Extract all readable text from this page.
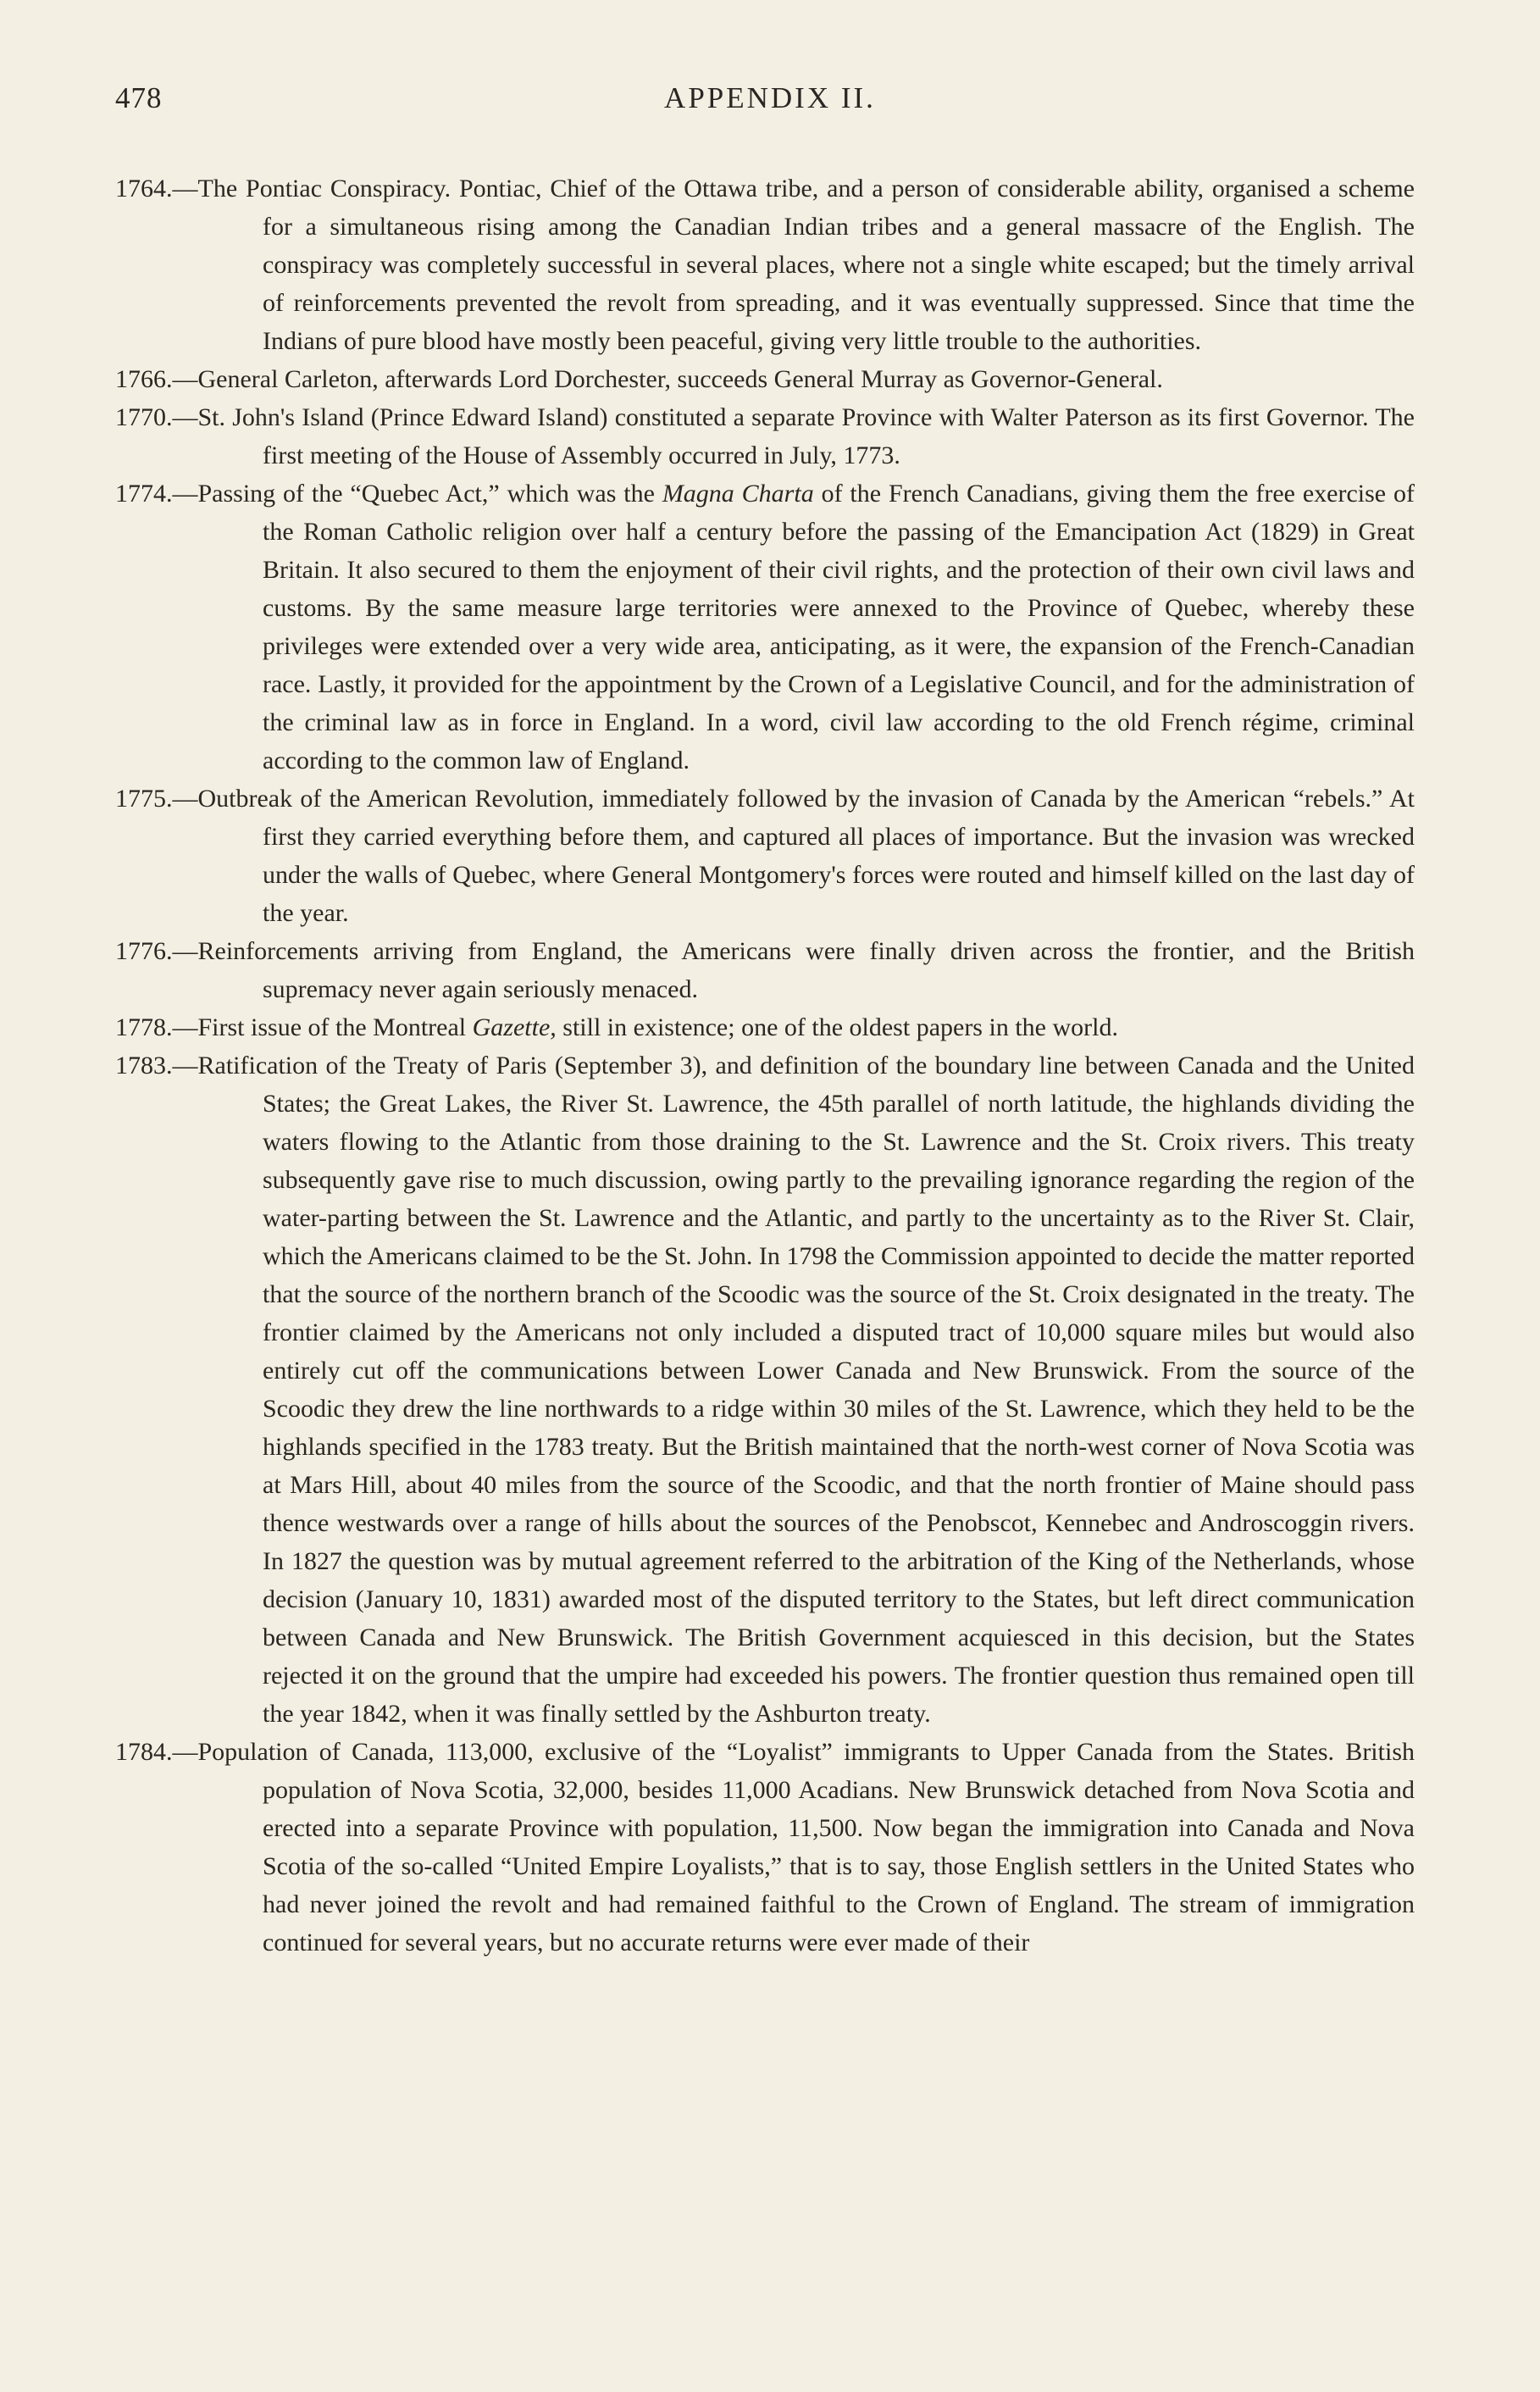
478	APPENDIX II.

1764.—The Pontiac Conspiracy. Pontiac, Chief of the Ottawa tribe, and a person of considerable ability, organised a scheme for a simultaneous rising among the Canadian Indian tribes and a general massacre of the English. The conspiracy was completely successful in several places, where not a single white escaped; but the timely arrival of reinforcements prevented the revolt from spreading, and it was eventually suppressed. Since that time the Indians of pure blood have mostly been peaceful, giving very little trouble to the authorities.

1766.—General Carleton, afterwards Lord Dorchester, succeeds General Murray as Governor-General.

1770.—St. John's Island (Prince Edward Island) constituted a separate Province with Walter Paterson as its first Governor. The first meeting of the House of Assembly occurred in July, 1773.

1774.—Passing of the “Quebec Act,” which was the Magna Charta of the French Canadians, giving them the free exercise of the Roman Catholic religion over half a century before the passing of the Emancipation Act (1829) in Great Britain. It also secured to them the enjoyment of their civil rights, and the protection of their own civil laws and customs. By the same measure large territories were annexed to the Province of Quebec, whereby these privileges were extended over a very wide area, anticipating, as it were, the expansion of the French-Canadian race. Lastly, it provided for the appointment by the Crown of a Legislative Council, and for the administration of the criminal law as in force in England. In a word, civil law according to the old French régime, criminal according to the common law of England.

1775.—Outbreak of the American Revolution, immediately followed by the invasion of Canada by the American “rebels.” At first they carried everything before them, and captured all places of importance. But the invasion was wrecked under the walls of Quebec, where General Montgomery's forces were routed and himself killed on the last day of the year.

1776.—Reinforcements arriving from England, the Americans were finally driven across the frontier, and the British supremacy never again seriously menaced.

1778.—First issue of the Montreal Gazette, still in existence; one of the oldest papers in the world.

1783.—Ratification of the Treaty of Paris (September 3), and definition of the boundary line between Canada and the United States; the Great Lakes, the River St. Lawrence, the 45th parallel of north latitude, the highlands dividing the waters flowing to the Atlantic from those draining to the St. Lawrence and the St. Croix rivers. This treaty subsequently gave rise to much discussion, owing partly to the prevailing ignorance regarding the region of the water-parting between the St. Lawrence and the Atlantic, and partly to the uncertainty as to the River St. Clair, which the Americans claimed to be the St. John. In 1798 the Commission appointed to decide the matter reported that the source of the northern branch of the Scoodic was the source of the St. Croix designated in the treaty. The frontier claimed by the Americans not only included a disputed tract of 10,000 square miles but would also entirely cut off the communications between Lower Canada and New Brunswick. From the source of the Scoodic they drew the line northwards to a ridge within 30 miles of the St. Lawrence, which they held to be the highlands specified in the 1783 treaty. But the British maintained that the north-west corner of Nova Scotia was at Mars Hill, about 40 miles from the source of the Scoodic, and that the north frontier of Maine should pass thence westwards over a range of hills about the sources of the Penobscot, Kennebec and Androscoggin rivers. In 1827 the question was by mutual agreement referred to the arbitration of the King of the Netherlands, whose decision (January 10, 1831) awarded most of the disputed territory to the States, but left direct communication between Canada and New Brunswick. The British Government acquiesced in this decision, but the States rejected it on the ground that the umpire had exceeded his powers. The frontier question thus remained open till the year 1842, when it was finally settled by the Ashburton treaty.

1784.—Population of Canada, 113,000, exclusive of the “Loyalist” immigrants to Upper Canada from the States. British population of Nova Scotia, 32,000, besides 11,000 Acadians. New Brunswick detached from Nova Scotia and erected into a separate Province with population, 11,500. Now began the immigration into Canada and Nova Scotia of the so-called “United Empire Loyalists,” that is to say, those English settlers in the United States who had never joined the revolt and had remained faithful to the Crown of England. The stream of immigration continued for several years, but no accurate returns were ever made of their
